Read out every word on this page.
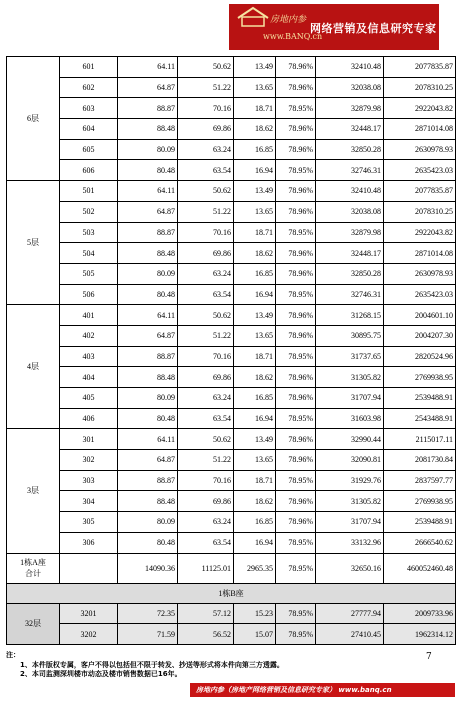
房地内参
www.BANQ.cn
网络营销及信息研究专家
6层	601	64.11	50.62	13.49	78.96%	32410.48	2077835.87
	602	64.87	51.22	13.65	78.96%	32038.08	2078310.25
	603	88.87	70.16	18.71	78.95%	32879.98	2922043.82
	604	88.48	69.86	18.62	78.96%	32448.17	2871014.08
	605	80.09	63.24	16.85	78.96%	32850.28	2630978.93
	606	80.48	63.54	16.94	78.95%	32746.31	2635423.03
5层	501	64.11	50.62	13.49	78.96%	32410.48	2077835.87
	502	64.87	51.22	13.65	78.96%	32038.08	2078310.25
	503	88.87	70.16	18.71	78.95%	32879.98	2922043.82
	504	88.48	69.86	18.62	78.96%	32448.17	2871014.08
	505	80.09	63.24	16.85	78.96%	32850.28	2630978.93
	506	80.48	63.54	16.94	78.95%	32746.31	2635423.03
4层	401	64.11	50.62	13.49	78.96%	31268.15	2004601.10
	402	64.87	51.22	13.65	78.96%	30895.75	2004207.30
	403	88.87	70.16	18.71	78.95%	31737.65	2820524.96
	404	88.48	69.86	18.62	78.96%	31305.82	2769938.95
	405	80.09	63.24	16.85	78.96%	31707.94	2539488.91
	406	80.48	63.54	16.94	78.95%	31603.98	2543488.91
3层	301	64.11	50.62	13.49	78.96%	32990.44	2115017.11
	302	64.87	51.22	13.65	78.96%	32090.81	2081730.84
	303	88.87	70.16	18.71	78.95%	31929.76	2837597.77
	304	88.48	69.86	18.62	78.96%	31305.82	2769938.95
	305	80.09	63.24	16.85	78.96%	31707.94	2539488.91
	306	80.48	63.54	16.94	78.95%	33132.96	2666540.62

1栋A座
合计		14090.36	11125.01	2965.35	78.95%	32650.16	460052460.48
1栋B座							
32层	3201	72.35	57.12	15.23	78.95%	27777.94	2009733.96
	3202	71.59	56.52	15.07	78.95%	27410.45	1962314.12
注：
1、本件版权专属，客户不得以包括但不限于转发、抄送等形式将本件向第三方透露。
2、本司监测深圳楼市动态及楼市销售数据已16年。
7
房地内参（房地产网络营销及信息研究专家） www.banq.cn
